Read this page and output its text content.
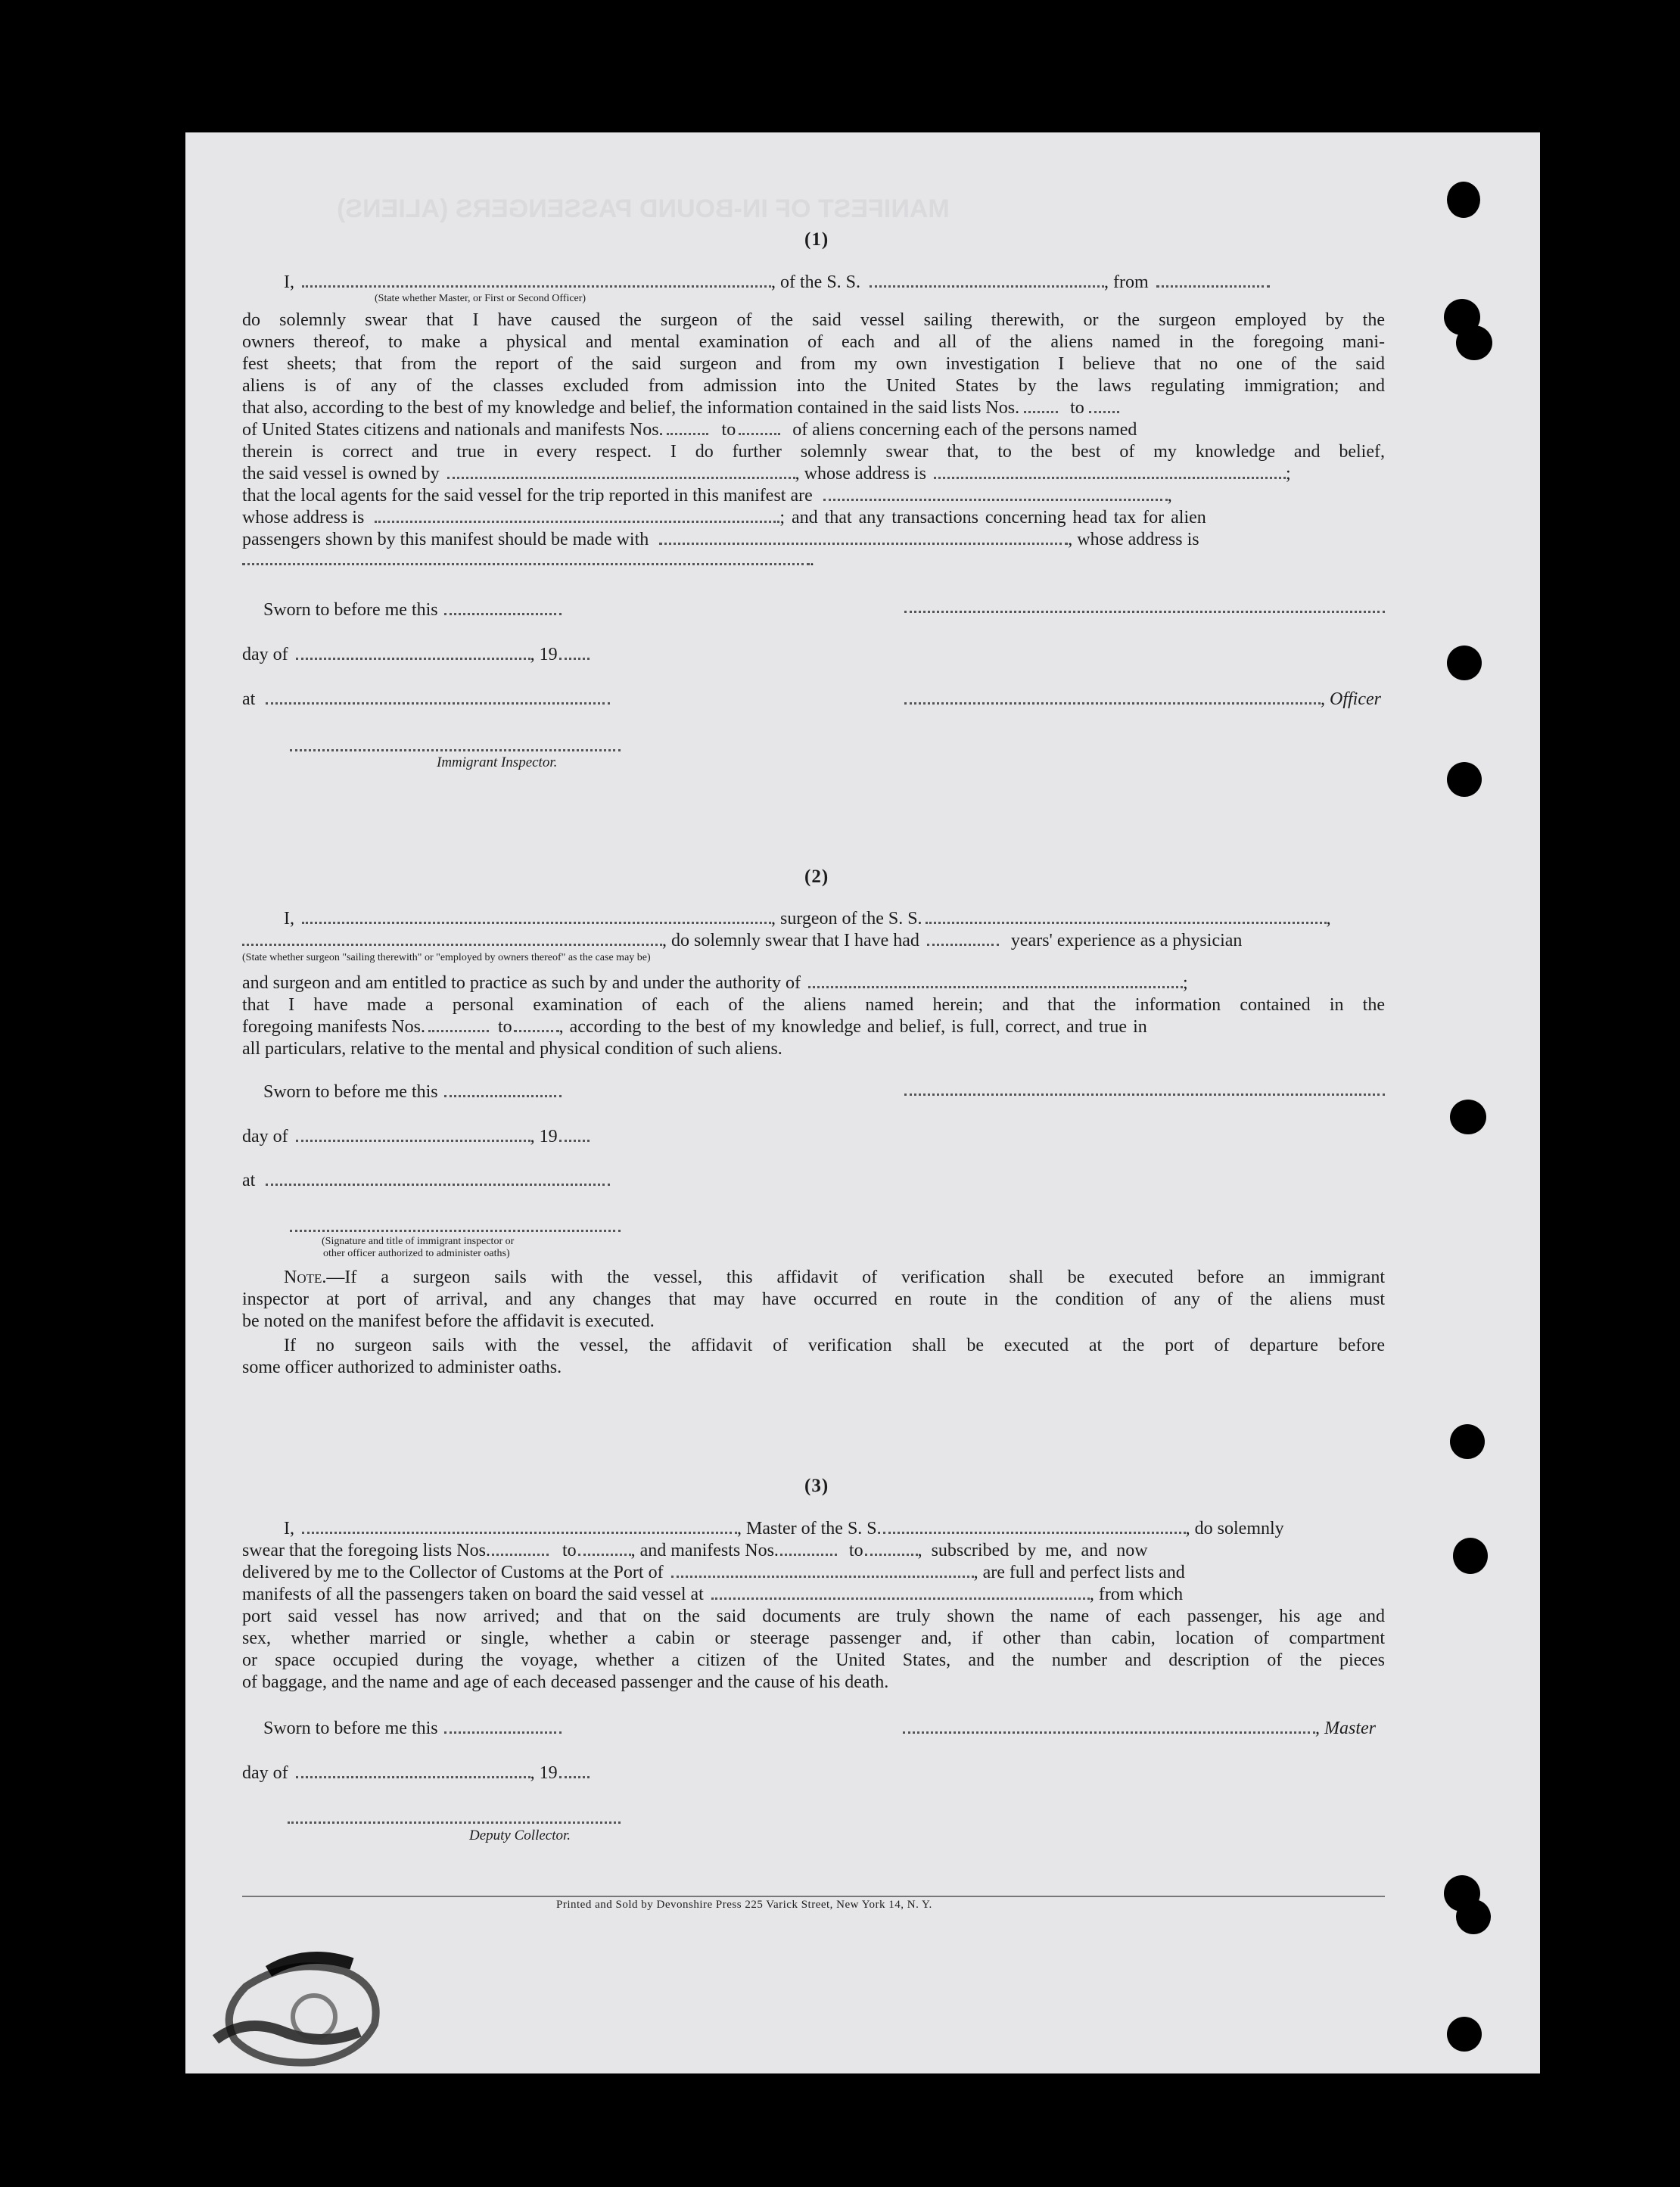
MANIFEST OF IN-BOUND PASSENGERS (ALIENS)
(1)
I,	, of the S. S.	, from
(State whether Master, or First or Second Officer)
do solemnly swear that I have caused the surgeon of the said vessel sailing therewith, or the surgeon employed by the
owners thereof, to make a physical and mental examination of each and all of the aliens named in the foregoing mani-
fest sheets; that from the report of the said surgeon and from my own investigation I believe that no one of the said
aliens is of any of the classes excluded from admission into the United States by the laws regulating immigration; and
that also, according to the best of my knowledge and belief, the information contained in the said lists Nos.	to
of United States citizens and nationals and manifests Nos.	to	of aliens concerning each of the persons named
therein is correct and true in every respect. I do further solemnly swear that, to the best of my knowledge and belief,
the said vessel is owned by	, whose address is	;
that the local agents for the said vessel for the trip reported in this manifest are	,
whose address is	; and that any transactions concerning head tax for alien
passengers shown by this manifest should be made with	, whose address is
.
Sworn to before me this
day of	, 19
at	, Officer
Immigrant Inspector.
(2)
I,	, surgeon of the S. S.	,
, do solemnly swear that I have had	years' experience as a physician
(State whether surgeon "sailing therewith" or "employed by owners thereof" as the case may be)
and surgeon and am entitled to practice as such by and under the authority of	;
that I have made a personal examination of each of the aliens named herein; and that the information contained in the
foregoing manifests Nos.	to	, according to the best of my knowledge and belief, is full, correct, and true in
all particulars, relative to the mental and physical condition of such aliens.
Sworn to before me this
day of	, 19
at
(Signature and title of immigrant inspector or
other officer authorized to administer oaths)
Note.—If a surgeon sails with the vessel, this affidavit of verification shall be executed before an immigrant
inspector at port of arrival, and any changes that may have occurred en route in the condition of any of the aliens must
be noted on the manifest before the affidavit is executed.
If no surgeon sails with the vessel, the affidavit of verification shall be executed at the port of departure before
some officer authorized to administer oaths.
(3)
I,	, Master of the S. S.	, do solemnly
swear that the foregoing lists Nos.	to	, and manifests Nos.	to	, subscribed by me, and now
delivered by me to the Collector of Customs at the Port of	, are full and perfect lists and
manifests of all the passengers taken on board the said vessel at	, from which
port said vessel has now arrived; and that on the said documents are truly shown the name of each passenger, his age and
sex, whether married or single, whether a cabin or steerage passenger and, if other than cabin, location of compartment
or space occupied during the voyage, whether a citizen of the United States, and the number and description of the pieces
of baggage, and the name and age of each deceased passenger and the cause of his death.
Sworn to before me this	, Master
day of	, 19
Deputy Collector.
Printed and Sold by Devonshire Press 225 Varick Street, New York 14, N. Y.
